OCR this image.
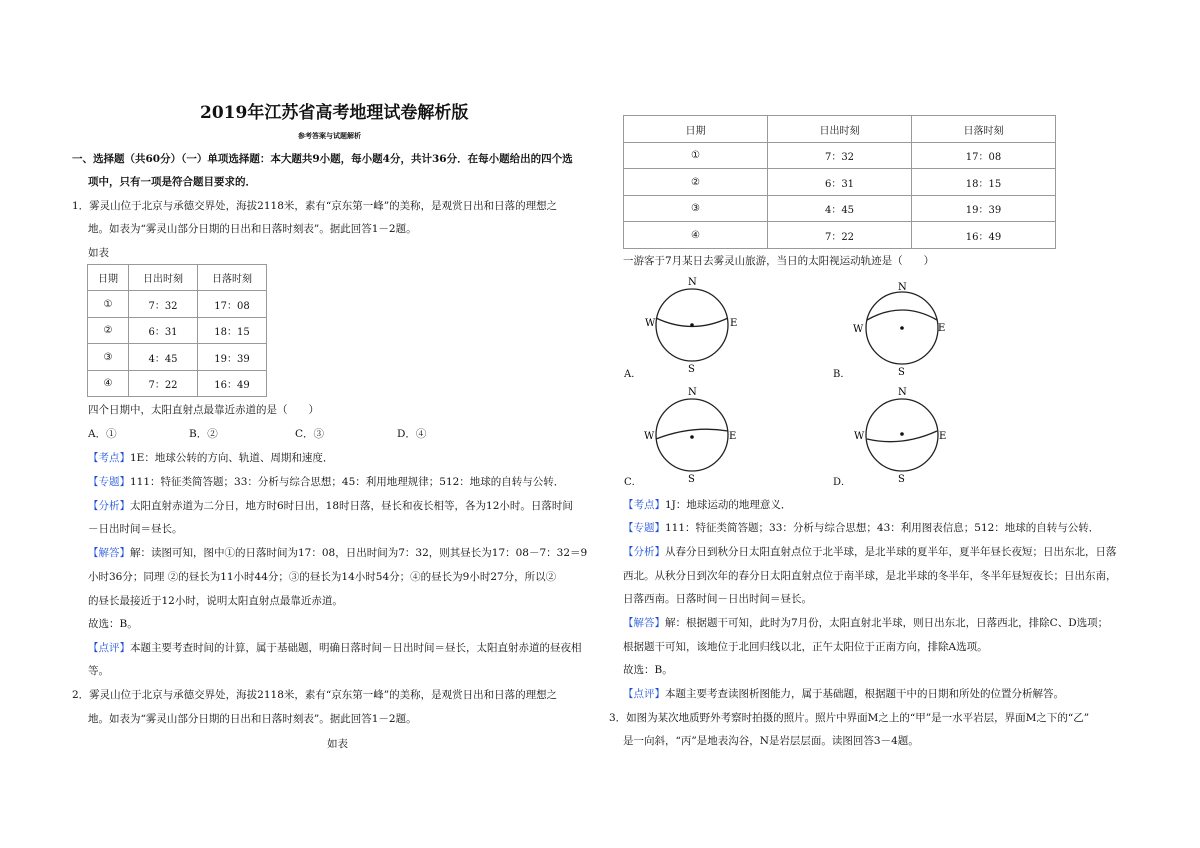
2019年江苏省高考地理试卷解析版
参考答案与试题解析
一、选择题（共60分）（一）单项选择题：本大题共9小题，每小题4分，共计36分．在每小题给出的四个选
项中，只有一项是符合题目要求的．
1．雾灵山位于北京与承德交界处，海拔2118米，素有“京东第一峰”的美称，是观赏日出和日落的理想之
地。如表为“雾灵山部分日期的日出和日落时刻表”。据此回答1－2题。
如表
日期	日出时刻	日落时刻
①	7：32	17：08
②	6：31	18：15
③	4：45	19：39
④	7：22	16：49
四个日期中，太阳直射点最靠近赤道的是（　　）
A．①	B．②	C．③	D．④
【考点】1E：地球公转的方向、轨道、周期和速度．
【专题】111：特征类简答题；33：分析与综合思想；45：利用地理规律；512：地球的自转与公转．
【分析】太阳直射赤道为二分日，地方时6时日出，18时日落，昼长和夜长相等，各为12小时。日落时间
－日出时间＝昼长。
【解答】解：读图可知，图中①的日落时间为17：08，日出时间为7：32，则其昼长为17：08－7：32＝9
小时36分；同理 ②的昼长为11小时44分；③的昼长为14小时54分；④的昼长为9小时27分，所以②
的昼长最接近于12小时，说明太阳直射点最靠近赤道。
故选：B。
【点评】本题主要考查时间的计算，属于基础题，明确日落时间－日出时间＝昼长，太阳直射赤道的昼夜相
等。
2．雾灵山位于北京与承德交界处，海拔2118米，素有“京东第一峰”的美称，是观赏日出和日落的理想之
地。如表为“雾灵山部分日期的日出和日落时刻表”。据此回答1－2题。
如表
日期	日出时刻	日落时刻
①	7：32	17：08
②	6：31	18：15
③	4：45	19：39
④	7：22	16：49
一游客于7月某日去雾灵山旅游，当日的太阳视运动轨迹是（　　）
N
S
W	E
A．
N
S
W	E
B．
N
S
W	E
C．
N
S
W	E
D．
【考点】1J：地球运动的地理意义．
【专题】111：特征类简答题；33：分析与综合思想；43：利用图表信息；512：地球的自转与公转．
【分析】从春分日到秋分日太阳直射点位于北半球，是北半球的夏半年，夏半年昼长夜短；日出东北，日落
西北。从秋分日到次年的春分日太阳直射点位于南半球，是北半球的冬半年，冬半年昼短夜长；日出东南，
日落西南。日落时间－日出时间＝昼长。
【解答】解：根据题干可知，此时为7月份，太阳直射北半球，则日出东北，日落西北，排除C、D选项；
根据题干可知，该地位于北回归线以北，正午太阳位于正南方向，排除A选项。
故选：B。
【点评】本题主要考查读图析图能力，属于基础题，根据题干中的日期和所处的位置分析解答。
3．如图为某次地质野外考察时拍摄的照片。照片中界面M之上的“甲”是一水平岩层，界面M之下的“乙”
是一向斜，“丙”是地表沟谷，N是岩层层面。读图回答3－4题。
